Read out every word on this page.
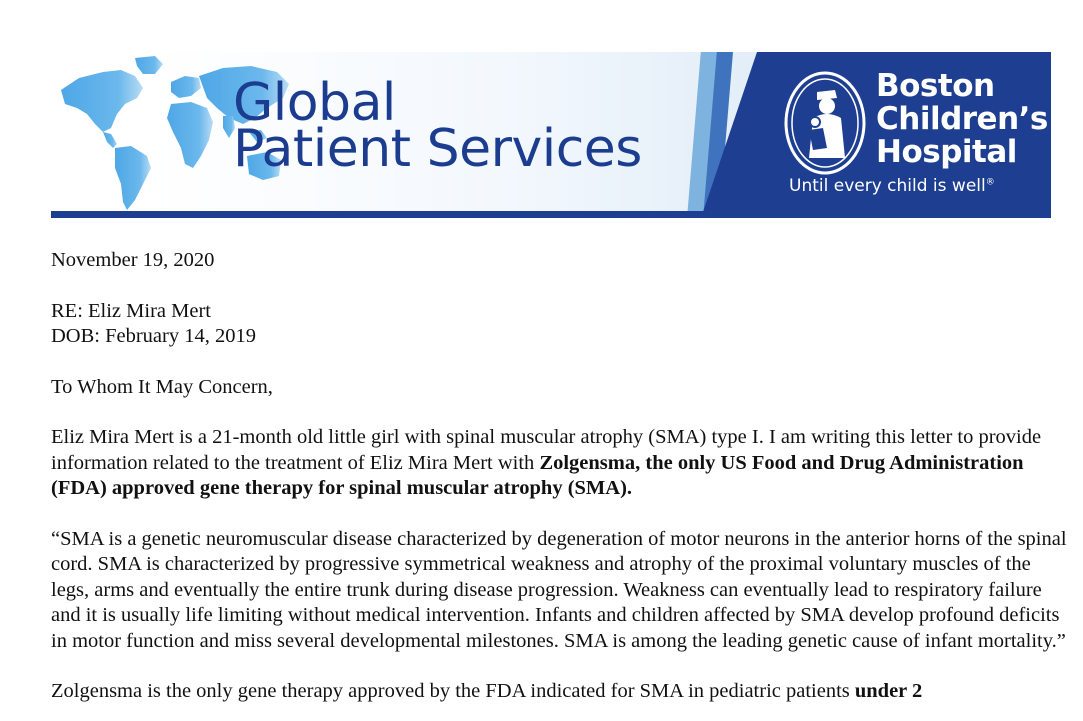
Global
Patient Services
Boston
Children’s
Hospital
Until every child is well®

November 19, 2020

RE: Eliz Mira Mert

DOB: February 14, 2019

To Whom It May Concern,

Eliz Mira Mert is a 21-month old little girl with spinal muscular atrophy (SMA) type I. I am writing this letter to provide information related to the treatment of Eliz Mira Mert with Zolgensma, the only US Food and Drug Administration (FDA) approved gene therapy for spinal muscular atrophy (SMA).

“SMA is a genetic neuromuscular disease characterized by degeneration of motor neurons in the anterior horns of the spinal cord. SMA is characterized by progressive symmetrical weakness and atrophy of the proximal voluntary muscles of the legs, arms and eventually the entire trunk during disease progression. Weakness can eventually lead to respiratory failure and it is usually life limiting without medical intervention. Infants and children affected by SMA develop profound deficits in motor function and miss several developmental milestones. SMA is among the leading genetic cause of infant mortality.”

Zolgensma is the only gene therapy approved by the FDA indicated for SMA in pediatric patients under 2
